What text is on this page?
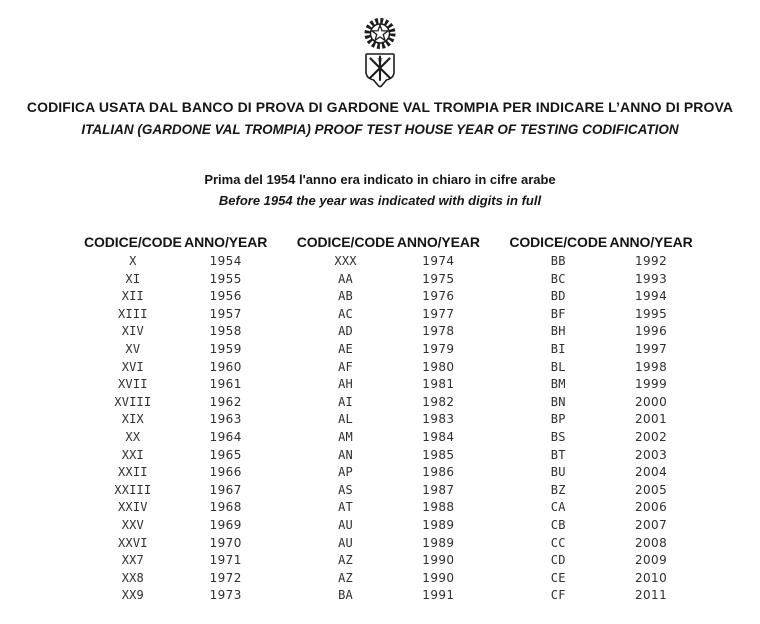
CODIFICA USATA DAL BANCO DI PROVA DI GARDONE VAL TROMPIA PER INDICARE L’ANNO DI PROVA
ITALIAN (GARDONE VAL TROMPIA) PROOF TEST HOUSE YEAR OF TESTING CODIFICATION
Prima del 1954 l'anno era indicato in chiaro in cifre arabe
Before 1954 the year was indicated with digits in full
CODICE/CODE	ANNO/YEAR
X	1954
XI	1955
XII	1956
XIII	1957
XIV	1958
XV	1959
XVI	1960
XVII	1961
XVIII	1962
XIX	1963
XX	1964
XXI	1965
XXII	1966
XXIII	1967
XXIV	1968
XXV	1969
XXVI	1970
XX7	1971
XX8	1972
XX9	1973
CODICE/CODE	ANNO/YEAR
XXX	1974
AA	1975
AB	1976
AC	1977
AD	1978
AE	1979
AF	1980
AH	1981
AI	1982
AL	1983
AM	1984
AN	1985
AP	1986
AS	1987
AT	1988
AU	1989
AU	1989
AZ	1990
AZ	1990
BA	1991
CODICE/CODE	ANNO/YEAR
BB	1992
BC	1993
BD	1994
BF	1995
BH	1996
BI	1997
BL	1998
BM	1999
BN	2000
BP	2001
BS	2002
BT	2003
BU	2004
BZ	2005
CA	2006
CB	2007
CC	2008
CD	2009
CE	2010
CF	2011
